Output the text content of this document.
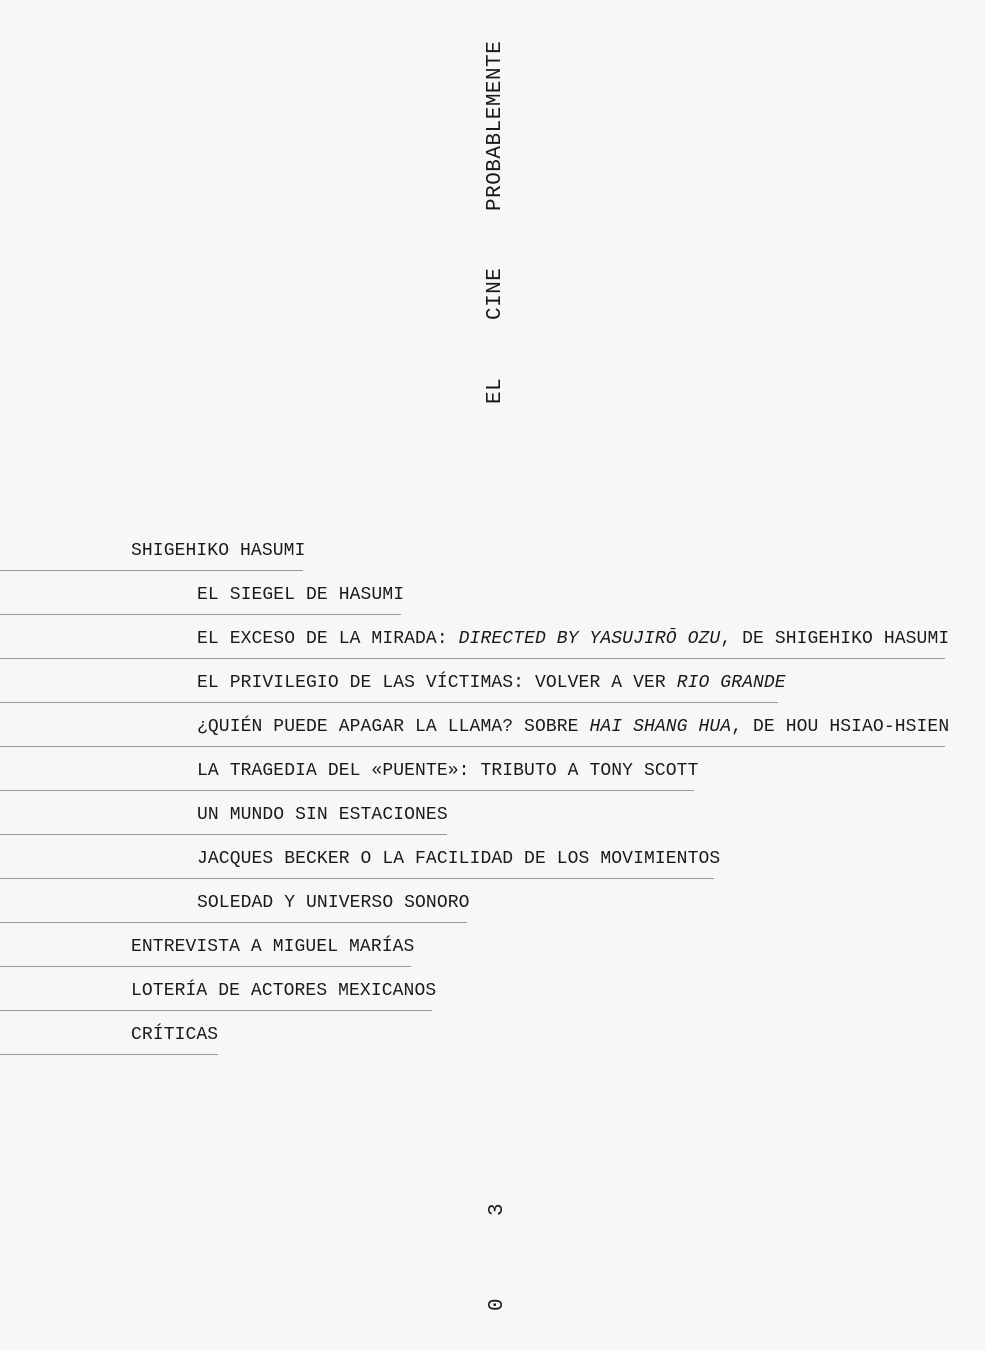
EL
CINE
PROBABLEMENTE
SHIGEHIKO HASUMI
EL SIEGEL DE HASUMI
EL EXCESO DE LA MIRADA: DIRECTED BY YASUJIRŌ OZU, DE SHIGEHIKO HASUMI
EL PRIVILEGIO DE LAS VÍCTIMAS: VOLVER A VER RIO GRANDE
¿QUIÉN PUEDE APAGAR LA LLAMA? SOBRE HAI SHANG HUA, DE HOU HSIAO-HSIEN
LA TRAGEDIA DEL «PUENTE»: TRIBUTO A TONY SCOTT
UN MUNDO SIN ESTACIONES
JACQUES BECKER O LA FACILIDAD DE LOS MOVIMIENTOS
SOLEDAD Y UNIVERSO SONORO
ENTREVISTA A MIGUEL MARÍAS
LOTERÍA DE ACTORES MEXICANOS
CRÍTICAS
0
3
